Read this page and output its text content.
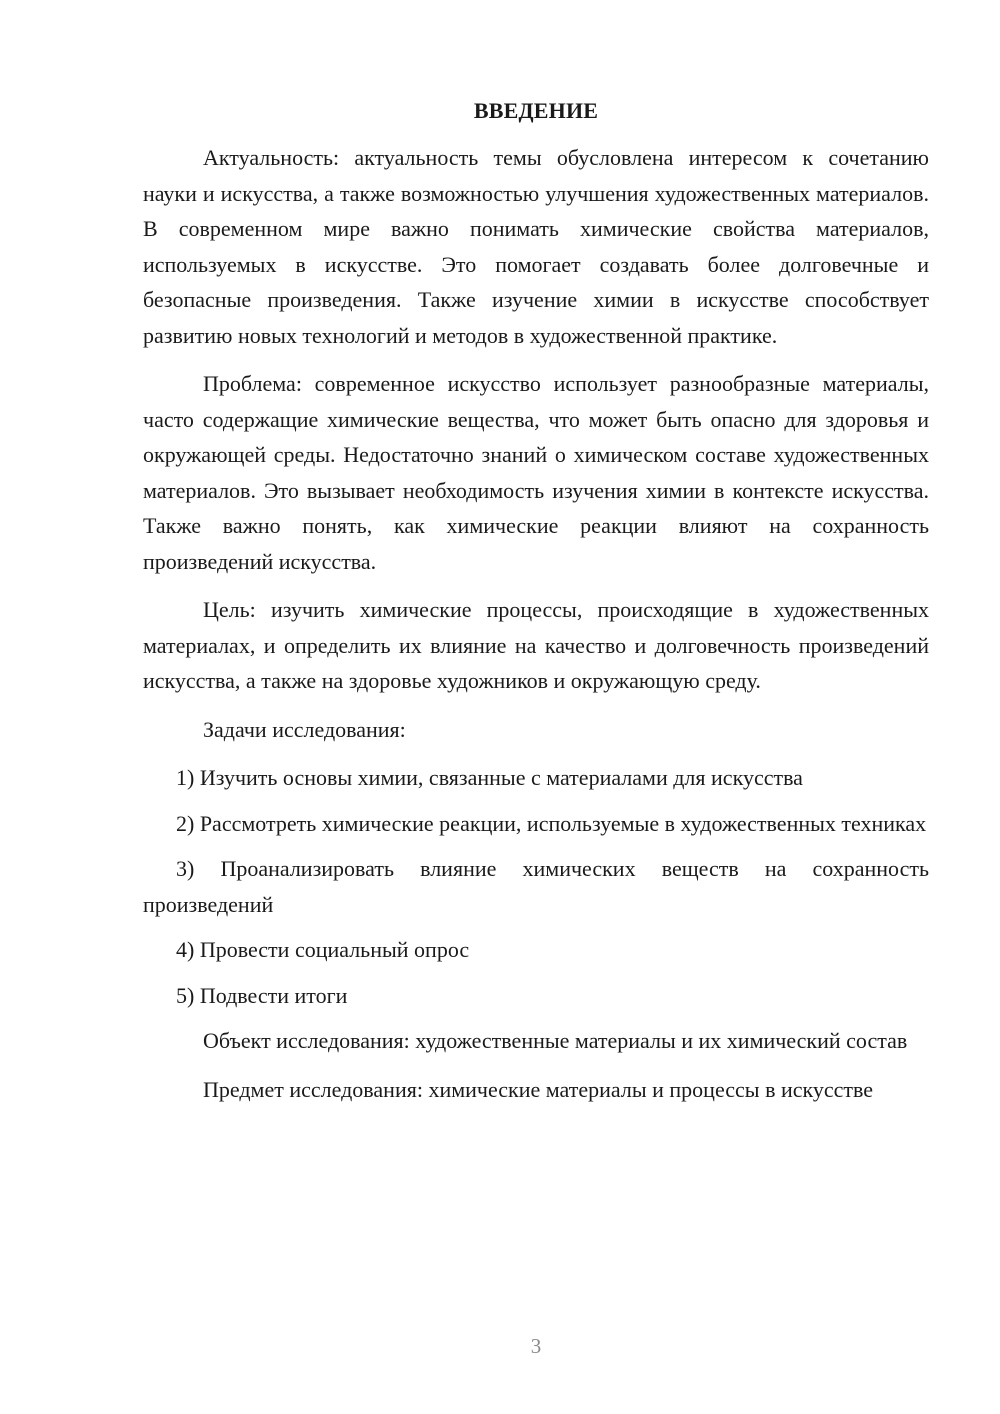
ВВЕДЕНИЕ

Актуальность: актуальность темы обусловлена интересом к сочетанию науки и искусства, а также возможностью улучшения художественных материалов. В современном мире важно понимать химические свойства материалов, используемых в искусстве. Это помогает создавать более долговечные и безопасные произведения. Также изучение химии в искусстве способствует развитию новых технологий и методов в художественной практике.

Проблема: современное искусство использует разнообразные материалы, часто содержащие химические вещества, что может быть опасно для здоровья и окружающей среды. Недостаточно знаний о химическом составе художественных материалов. Это вызывает необходимость изучения химии в контексте искусства. Также важно понять, как химические реакции влияют на сохранность произведений искусства.

Цель: изучить химические процессы, происходящие в художественных материалах, и определить их влияние на качество и долговечность произведений искусства, а также на здоровье художников и окружающую среду.

Задачи исследования:

1) Изучить основы химии, связанные с материалами для искусства

2) Рассмотреть химические реакции, используемые в художественных техниках

3) Проанализировать влияние химических веществ на сохранность произведений

4) Провести социальный опрос

5) Подвести итоги

Объект исследования: художественные материалы и их химический состав

Предмет исследования: химические материалы и процессы в искусстве

3
